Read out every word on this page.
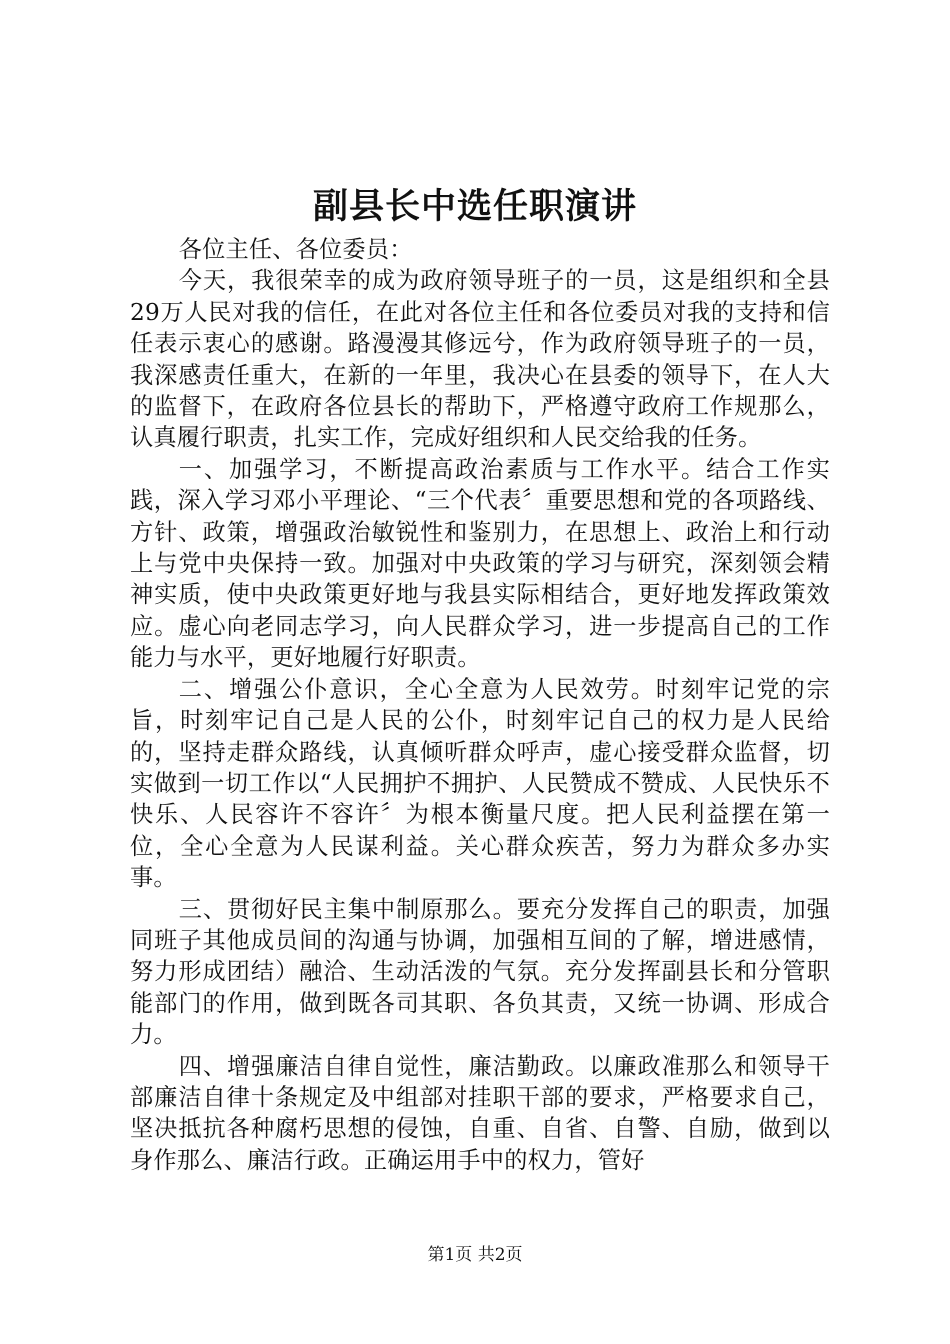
副县长中选任职演讲

各位主任、各位委员：

今天，我很荣幸的成为政府领导班子的一员，这是组织和全县29万人民对我的信任，在此对各位主任和各位委员对我的支持和信任表示衷心的感谢。路漫漫其修远兮，作为政府领导班子的一员，我深感责任重大，在新的一年里，我决心在县委的领导下，在人大的监督下，在政府各位县长的帮助下，严格遵守政府工作规那么，认真履行职责，扎实工作，完成好组织和人民交给我的任务。

一、加强学习，不断提高政治素质与工作水平。结合工作实践，深入学习邓小平理论、“三个代表〞重要思想和党的各项路线、方针、政策，增强政治敏锐性和鉴别力，在思想上、政治上和行动上与党中央保持一致。加强对中央政策的学习与研究，深刻领会精神实质，使中央政策更好地与我县实际相结合，更好地发挥政策效应。虚心向老同志学习，向人民群众学习，进一步提高自己的工作能力与水平，更好地履行好职责。

二、增强公仆意识，全心全意为人民效劳。时刻牢记党的宗旨，时刻牢记自己是人民的公仆，时刻牢记自己的权力是人民给的，坚持走群众路线，认真倾听群众呼声，虚心接受群众监督，切实做到一切工作以“人民拥护不拥护、人民赞成不赞成、人民快乐不快乐、人民容许不容许〞为根本衡量尺度。把人民利益摆在第一位，全心全意为人民谋利益。关心群众疾苦，努力为群众多办实事。

三、贯彻好民主集中制原那么。要充分发挥自己的职责，加强同班子其他成员间的沟通与协调，加强相互间的了解，增进感情，努力形成团结）融洽、生动活泼的气氛。充分发挥副县长和分管职能部门的作用，做到既各司其职、各负其责，又统一协调、形成合力。

四、增强廉洁自律自觉性，廉洁勤政。以廉政准那么和领导干部廉洁自律十条规定及中组部对挂职干部的要求，严格要求自己，坚决抵抗各种腐朽思想的侵蚀，自重、自省、自警、自励，做到以身作那么、廉洁行政。正确运用手中的权力，管好

第1页 共2页
